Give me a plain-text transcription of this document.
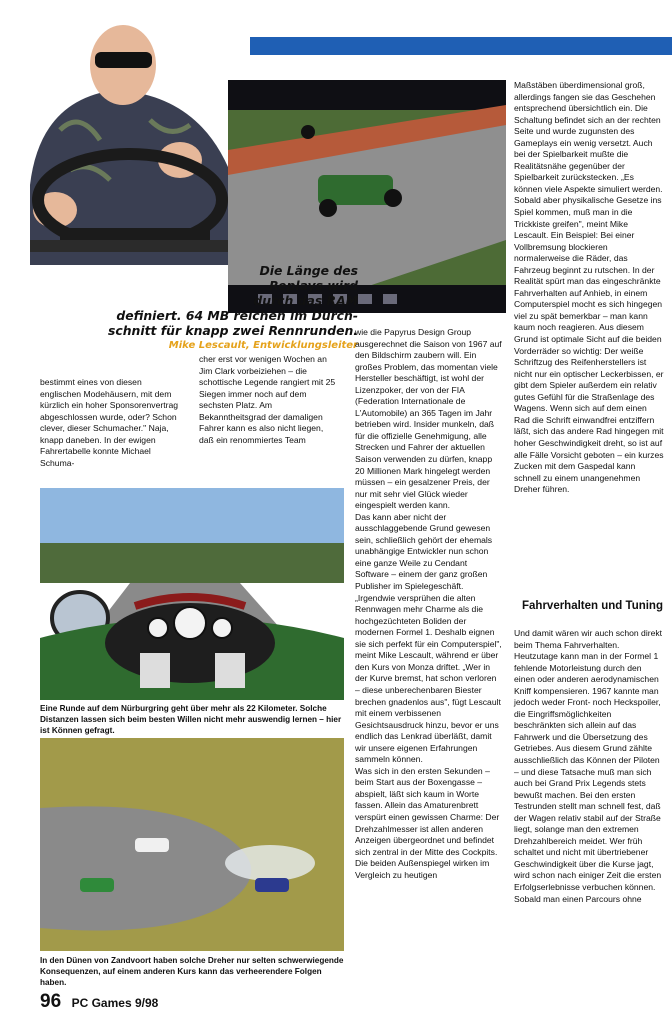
Die Länge des
Replays wird
durch das RAM
definiert. 64 MB reichen im Durch-
schnitt für knapp zwei Rennrunden.
Mike Lescault, Entwicklungsleiter

bestimmt eines von diesen englischen Modehäusern, mit dem kürzlich ein hoher Sponsorenvertrag abgeschlossen wurde, oder? Schon clever, dieser Schumacher." Naja, knapp daneben. In der ewigen Fahrertabelle konnte Michael Schuma-

cher erst vor wenigen Wochen an Jim Clark vorbeiziehen – die schottische Legende rangiert mit 25 Siegen immer noch auf dem sechsten Platz. Am Bekanntheitsgrad der damaligen Fahrer kann es also nicht liegen, daß ein renommiertes Team

wie die Papyrus Design Group ausgerechnet die Saison von 1967 auf den Bildschirm zaubern will. Ein großes Problem, das momentan viele Hersteller beschäftigt, ist wohl der Lizenzpoker, der von der FIA (Federation Internationale de L'Automobile) an 365 Tagen im Jahr betrieben wird. Insider munkeln, daß für die offizielle Genehmigung, alle Strecken und Fahrer der aktuellen Saison verwenden zu dürfen, knapp 20 Millionen Mark hingelegt werden müssen – ein gesalzener Preis, der nur mit sehr viel Glück wieder eingespielt werden kann.

Das kann aber nicht der ausschlaggebende Grund gewesen sein, schließlich gehört der ehemals unabhängige Entwickler nun schon eine ganze Weile zu Cendant Software – einem der ganz großen Publisher im Spielegeschäft. „Irgendwie versprühen die alten Rennwagen mehr Charme als die hochgezüchteten Boliden der modernen Formel 1. Deshalb eignen sie sich perfekt für ein Computerspiel", meint Mike Lescault, während er über den Kurs von Monza driftet. „Wer in der Kurve bremst, hat schon verloren – diese unberechenbaren Biester brechen gnadenlos aus", fügt Lescault mit einem verbissenen Gesichtsausdruck hinzu, bevor er uns endlich das Lenkrad überläßt, damit wir unsere eigenen Erfahrungen sammeln können.

Was sich in den ersten Sekunden – beim Start aus der Boxengasse – abspielt, läßt sich kaum in Worte fassen. Allein das Amaturenbrett verspürt einen gewissen Charme: Der Drehzahlmesser ist allen anderen Anzeigen übergeordnet und befindet sich zentral in der Mitte des Cockpits. Die beiden Außenspiegel wirken im Vergleich zu heutigen

Maßstäben überdimensional groß, allerdings fangen sie das Geschehen entsprechend übersichtlich ein. Die Schaltung befindet sich an der rechten Seite und wurde zugunsten des Gameplays ein wenig versetzt. Auch bei der Spielbarkeit mußte die Realitätsnähe gegenüber der Spielbarkeit zurückstecken. „Es können viele Aspekte simuliert werden. Sobald aber physikalische Gesetze ins Spiel kommen, muß man in die Trickkiste greifen", meint Mike Lescault. Ein Beispiel: Bei einer Vollbremsung blockieren normalerweise die Räder, das Fahrzeug beginnt zu rutschen. In der Realität spürt man das eingeschränkte Fahrverhalten auf Anhieb, in einem Computerspiel mocht es sich hingegen viel zu spät bemerkbar – man kann kaum noch reagieren. Aus diesem Grund ist optimale Sicht auf die beiden Vorderräder so wichtig: Der weiße Schriftzug des Reifenherstellers ist nicht nur ein optischer Leckerbissen, er gibt dem Spieler außerdem ein relativ gutes Gefühl für die Straßenlage des Wagens. Wenn sich auf dem einen Rad die Schrift einwandfrei entziffern läßt, sich das andere Rad hingegen mit hoher Geschwindigkeit dreht, so ist auf alle Fälle Vorsicht geboten – ein kurzes Zucken mit dem Gaspedal kann schnell zu einem unangenehmen Dreher führen.

Fahrverhalten und Tuning

Und damit wären wir auch schon direkt beim Thema Fahrverhalten. Heutzutage kann man in der Formel 1 fehlende Motorleistung durch den einen oder anderen aerodynamischen Kniff kompensieren. 1967 kannte man jedoch weder Front- noch Heckspoiler, die Eingriffsmöglichkeiten beschränkten sich allein auf das Fahrwerk und die Übersetzung des Getriebes. Aus diesem Grund zählte ausschließlich das Können der Piloten – und diese Tatsache muß man sich auch bei Grand Prix Legends stets bewußt machen. Bei den ersten Testrunden stellt man schnell fest, daß der Wagen relativ stabil auf der Straße liegt, solange man den extremen Drehzahlbereich meidet. Wer früh schaltet und nicht mit übertriebener Geschwindigkeit über die Kurse jagt, wird schon nach einiger Zeit die ersten Erfolgserlebnisse verbuchen können. Sobald man einen Parcours ohne

Eine Runde auf dem Nürburgring geht über mehr als 22 Kilometer. Solche Distanzen lassen sich beim besten Willen nicht mehr auswendig lernen – hier ist Können gefragt.
In den Dünen von Zandvoort haben solche Dreher nur selten schwerwiegende Konsequenzen, auf einem anderen Kurs kann das verheerendere Folgen haben.
96 PC Games 9/98
